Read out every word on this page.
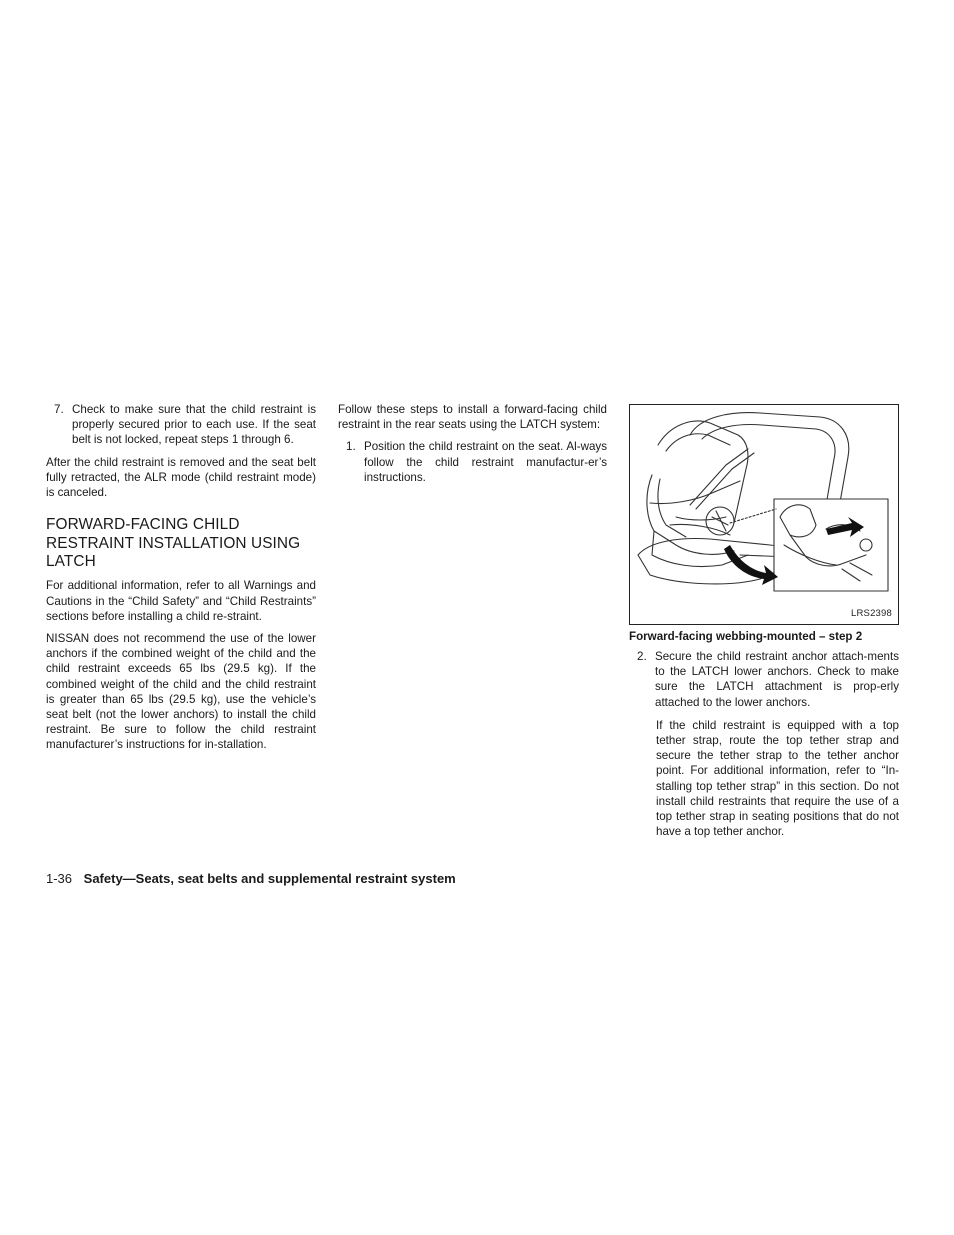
7. Check to make sure that the child restraint is properly secured prior to each use. If the seat belt is not locked, repeat steps 1 through 6.

After the child restraint is removed and the seat belt fully retracted, the ALR mode (child restraint mode) is canceled.

FORWARD-FACING CHILD RESTRAINT INSTALLATION USING LATCH

For additional information, refer to all Warnings and Cautions in the “Child Safety” and “Child Restraints” sections before installing a child re-straint.

NISSAN does not recommend the use of the lower anchors if the combined weight of the child and the child restraint exceeds 65 lbs (29.5 kg). If the combined weight of the child and the child restraint is greater than 65 lbs (29.5 kg), use the vehicle’s seat belt (not the lower anchors) to install the child restraint. Be sure to follow the child restraint manufacturer’s instructions for in-stallation.

Follow these steps to install a forward-facing child restraint in the rear seats using the LATCH system:

1. Position the child restraint on the seat. Al-ways follow the child restraint manufactur-er’s instructions.
LRS2398
Forward-facing webbing-mounted – step 2
2. Secure the child restraint anchor attach-ments to the LATCH lower anchors. Check to make sure the LATCH attachment is prop-erly attached to the lower anchors.

If the child restraint is equipped with a top tether strap, route the top tether strap and secure the tether strap to the tether anchor point. For additional information, refer to “In-stalling top tether strap” in this section. Do not install child restraints that require the use of a top tether strap in seating positions that do not have a top tether anchor.

1-36 Safety—Seats, seat belts and supplemental restraint system
